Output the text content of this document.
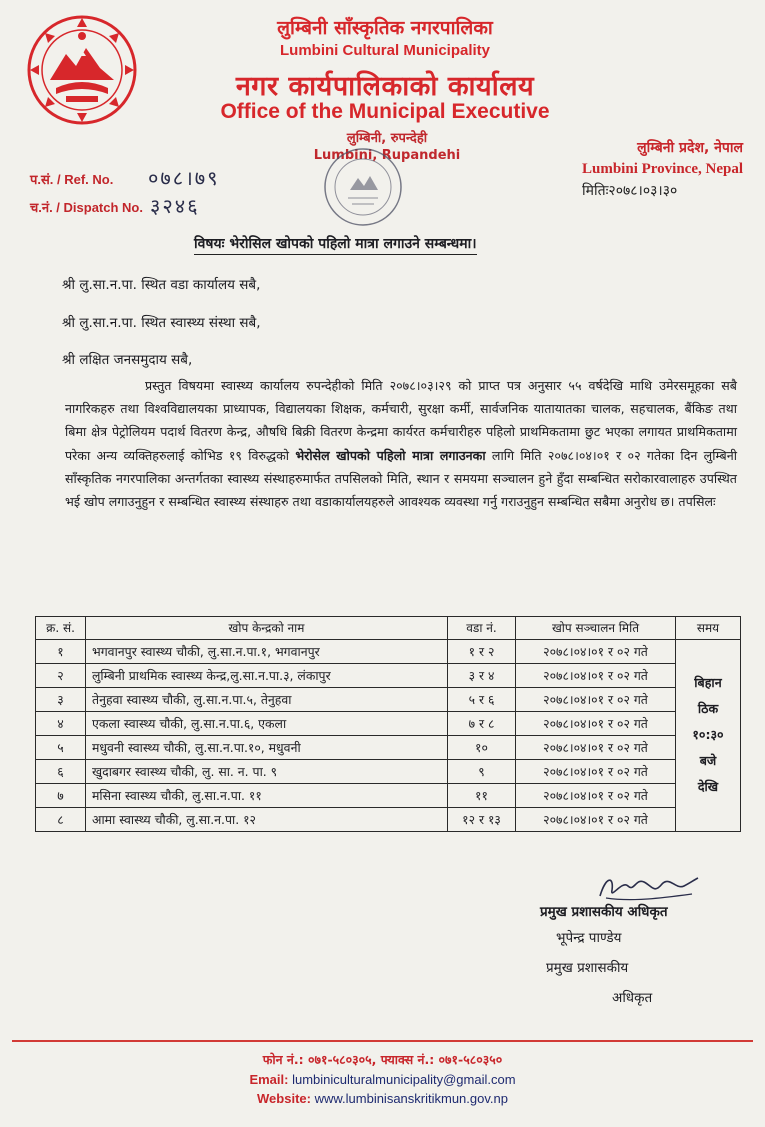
लुम्बिनी साँस्कृतिक नगरपालिका
Lumbini Cultural Municipality
नगर कार्यपालिकाको कार्यालय
Office of the Municipal Executive
लुम्बिनी, रुपन्देही
Lumbini, Rupandehi	लुम्बिनी प्रदेश, नेपाल
Lumbini Province, Nepal
मितिः२०७८।०३।३०
प.सं. / Ref. No. ०७८।७९
च.नं. / Dispatch No. ३२४६
विषयः भेरोसिल खोपको पहिलो मात्रा लगाउने सम्बन्धमा।
श्री लु.सा.न.पा. स्थित वडा कार्यालय सबै,
श्री लु.सा.न.पा. स्थित स्वास्थ्य संस्था सबै,
श्री लक्षित जनसमुदाय सबै,
प्रस्तुत विषयमा स्वास्थ्य कार्यालय रुपन्देहीको मिति २०७८।०३।२९ को प्राप्त पत्र अनुसार ५५ वर्षदेखि माथि उमेरसमूहका सबै नागरिकहरु तथा विश्वविद्यालयका प्राध्यापक, विद्यालयका शिक्षक, कर्मचारी, सुरक्षा कर्मी, सार्वजनिक यातायातका चालक, सहचालक, बैंकिङ तथा बिमा क्षेत्र पेट्रोलियम पदार्थ वितरण केन्द्र, औषधि बिक्री वितरण केन्द्रमा कार्यरत कर्मचारीहरु पहिलो प्राथमिकतामा छुट भएका लगायत प्राथमिकतामा परेका अन्य व्यक्तिहरुलाई कोभिड १९ विरुद्धको भेरोसेल खोपको पहिलो मात्रा लगाउनका लागि मिति २०७८।०४।०१ र ०२ गतेका दिन लुम्बिनी साँस्कृतिक नगरपालिका अन्तर्गतका स्वास्थ्य संस्थाहरुमार्फत तपसिलको मिति, स्थान र समयमा सञ्चालन हुने हुँदा सम्बन्धित सरोकारवालाहरु उपस्थित भई खोप लगाउनुहुन र सम्बन्धित स्वास्थ्य संस्थाहरु तथा वडाकार्यालयहरुले आवश्यक व्यवस्था गर्नु गराउनुहुन सम्बन्धित सबैमा अनुरोध छ। तपसिलः
क्र. सं.	खोप केन्द्रको नाम	वडा नं.	खोप सञ्चालन मिति	समय
१	भगवानपुर स्वास्थ्य चौकी, लु.सा.न.पा.१, भगवानपुर	१ र २	२०७८।०४।०१ र ०२ गते	बिहान
ठिक
१०:३०
बजे
देखि

२	लुम्बिनी प्राथमिक स्वास्थ्य केन्द्र,लु.सा.न.पा.३, लंकापुर	३ र ४	२०७८।०४।०१ र ०२ गते	
३	तेनुहवा स्वास्थ्य चौकी, लु.सा.न.पा.५, तेनुहवा	५ र ६	२०७८।०४।०१ र ०२ गते	
४	एकला स्वास्थ्य चौकी, लु.सा.न.पा.६, एकला	७ र ८	२०७८।०४।०१ र ०२ गते	
५	मधुवनी स्वास्थ्य चौकी, लु.सा.न.पा.१०, मधुवनी	१०	२०७८।०४।०१ र ०२ गते	
६	खुदाबगर स्वास्थ्य चौकी, लु. सा. न. पा. ९	९	२०७८।०४।०१ र ०२ गते	
७	मसिना स्वास्थ्य चौकी, लु.सा.न.पा. ११	११	२०७८।०४।०१ र ०२ गते	
८	आमा स्वास्थ्य चौकी, लु.सा.न.पा. १२	१२ र १३	२०७८।०४।०१ र ०२ गते	
प्रमुख प्रशासकीय अधिकृत
भूपेन्द्र पाण्डेय
प्रमुख प्रशासकीय
अधिकृत
फोन नं.: ०७१-५८०३०५, फ्याक्स नं.: ०७१-५८०३५०
Email: lumbiniculturalmunicipality@gmail.com
Website: www.lumbinisanskritikmun.gov.np
